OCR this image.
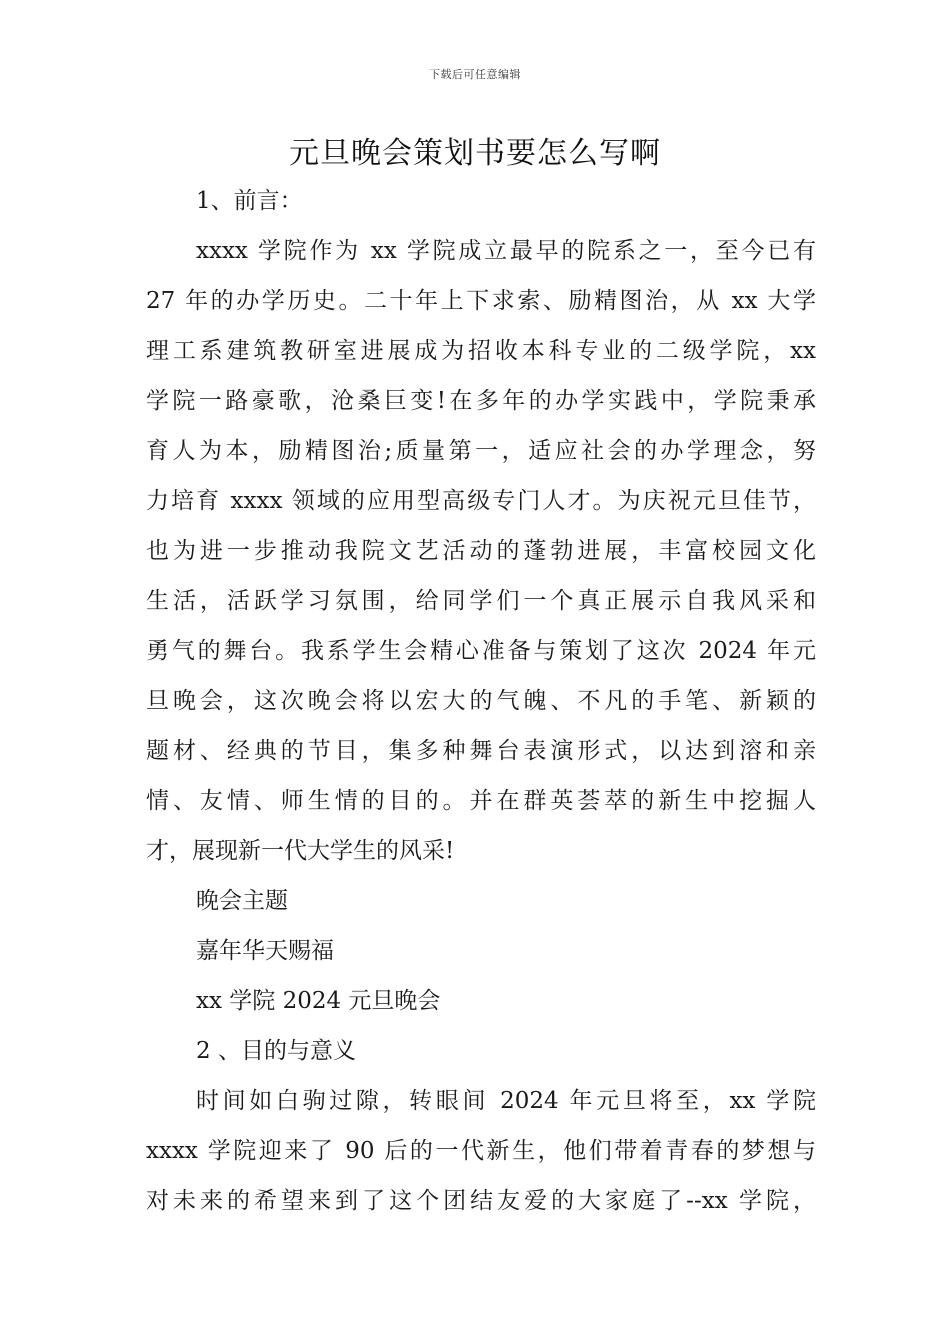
下载后可任意编辑
元旦晚会策划书要怎么写啊
1、前言：
xxxx 学院作为 xx 学院成立最早的院系之一，至今已有
27 年的办学历史。二十年上下求索、励精图治，从 xx 大学
理工系建筑教研室进展成为招收本科专业的二级学院，xx
学院一路豪歌，沧桑巨变!在多年的办学实践中，学院秉承
育人为本，励精图治;质量第一，适应社会的办学理念，努
力培育 xxxx 领域的应用型高级专门人才。为庆祝元旦佳节，
也为进一步推动我院文艺活动的蓬勃进展，丰富校园文化
生活，活跃学习氛围，给同学们一个真正展示自我风采和
勇气的舞台。我系学生会精心准备与策划了这次 2024 年元
旦晚会，这次晚会将以宏大的气魄、不凡的手笔、新颖的
题材、经典的节目，集多种舞台表演形式，以达到溶和亲
情、友情、师生情的目的。并在群英荟萃的新生中挖掘人
才，展现新一代大学生的风采!
晚会主题
嘉年华天赐福
xx 学院 2024 元旦晚会
2 、目的与意义
时间如白驹过隙，转眼间 2024 年元旦将至，xx 学院
xxxx 学院迎来了 90 后的一代新生，他们带着青春的梦想与
对未来的希望来到了这个团结友爱的大家庭了--xx 学院，
